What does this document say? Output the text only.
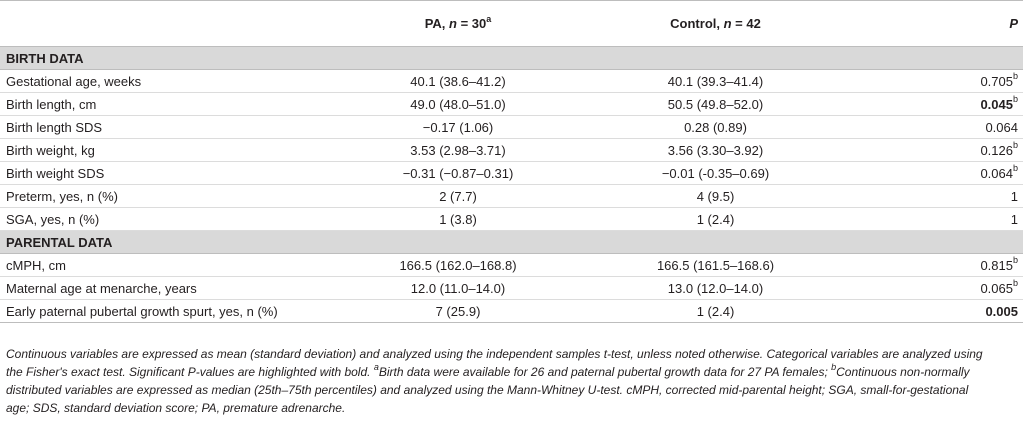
	PA, $n = 30^a$	Control, n = 42	P
BIRTH DATA			
Gestational age, weeks	40.1 (38.6–41.2)	40.1 (39.3–41.4)	0.705$^b$
Birth length, cm	49.0 (48.0–51.0)	50.5 (49.8–52.0)	0.045$^b$
Birth length SDS	−0.17 (1.06)	0.28 (0.89)	0.064
Birth weight, kg	3.53 (2.98–3.71)	3.56 (3.30–3.92)	0.126$^b$
Birth weight SDS	−0.31 (−0.87–0.31)	−0.01 (-0.35–0.69)	0.064$^b$
Preterm, yes, n (%)	2 (7.7)	4 (9.5)	1
SGA, yes, n (%)	1 (3.8)	1 (2.4)	1
PARENTAL DATA			
cMPH, cm	166.5 (162.0–168.8)	166.5 (161.5–168.6)	0.815$^b$
Maternal age at menarche, years	12.0 (11.0–14.0)	13.0 (12.0–14.0)	0.065$^b$
Early paternal pubertal growth spurt, yes, n (%)	7 (25.9)	1 (2.4)	0.005
Continuous variables are expressed as mean (standard deviation) and analyzed using the independent samples t-test, unless noted otherwise. Categorical variables are analyzed using
the Fisher's exact test. Significant P-values are highlighted with bold. $^a$Birth data were available for 26 and paternal pubertal growth data for 27 PA females; $^b$Continuous non-normally
distributed variables are expressed as median (25th–75th percentiles) and analyzed using the Mann-Whitney U-test. cMPH, corrected mid-parental height; SGA, small-for-gestational
age; SDS, standard deviation score; PA, premature adrenarche.
